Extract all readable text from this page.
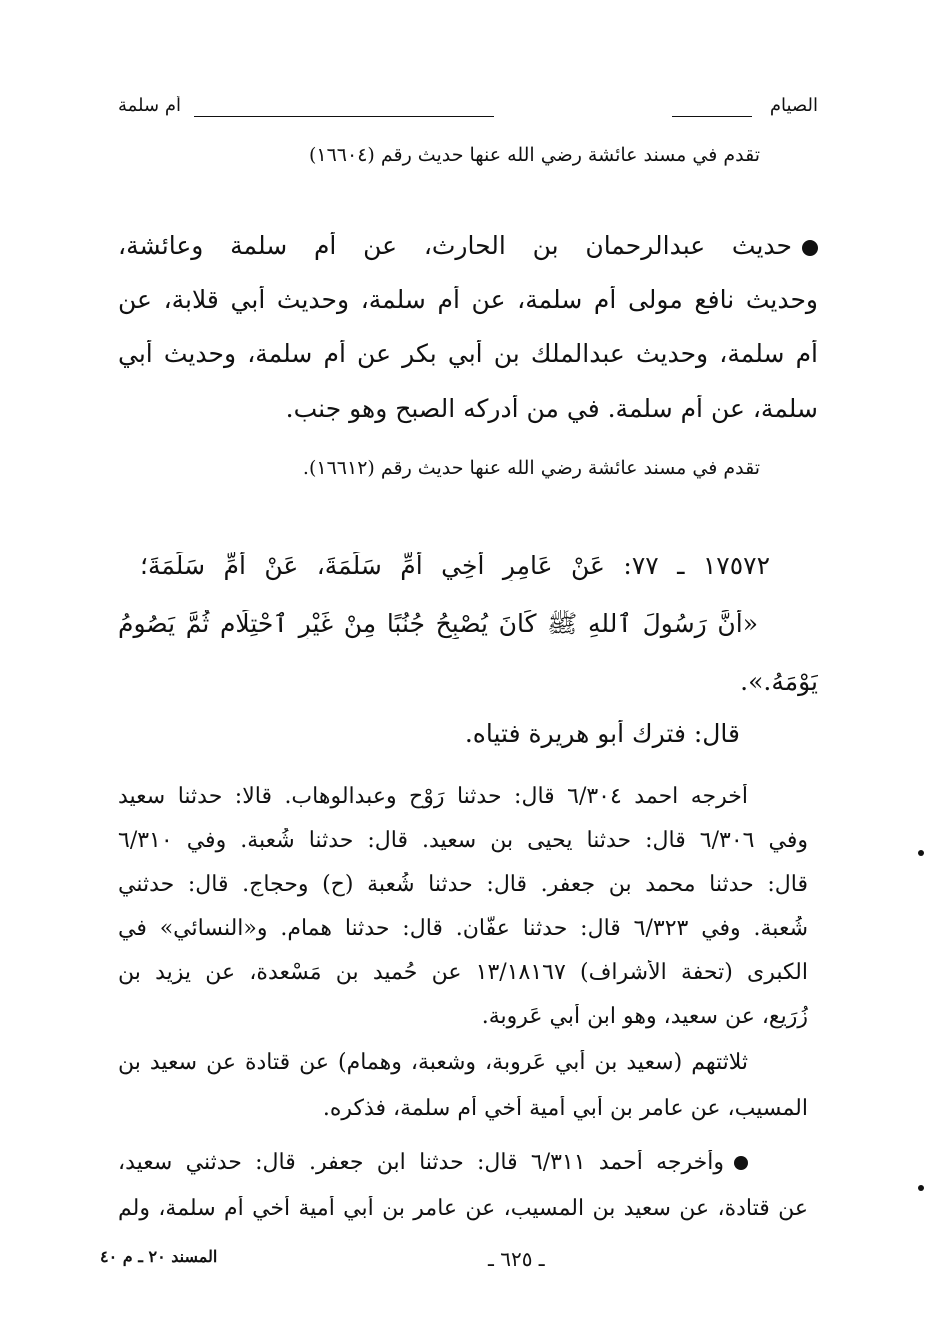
الصيام
أم سلمة
تقدم في مسند عائشة رضي الله عنها حديث رقم (١٦٦٠٤)
حديث عبدالرحمان بن الحارث، عن أم سلمة وعائشة،
وحديث نافع مولى أم سلمة، عن أم سلمة، وحديث أبي قلابة، عن
أم سلمة، وحديث عبدالملك بن أبي بكر عن أم سلمة، وحديث أبي
سلمة، عن أم سلمة. في من أدركه الصبح وهو جنب.
تقدم في مسند عائشة رضي الله عنها حديث رقم (١٦٦١٢).
١٧٥٧٢ ـ ٧٧: عَنْ عَامِرٍ أَخِي أُمِّ سَلَمَةَ، عَنْ أُمِّ سَلَمَةَ؛
«أَنَّ رَسُولَ ٱللهِ ﷺ كَانَ يُصْبِحُ جُنُبًا مِنْ غَيْرِ ٱحْتِلَامٍ ثُمَّ يَصُومُ
يَوْمَهُ.».
قال: فترك أبو هريرة فتياه.
أخرجه احمد ٦/٣٠٤ قال: حدثنا رَوْح وعبدالوهاب. قالا: حدثنا سعيد
وفي ٦/٣٠٦ قال: حدثنا يحيى بن سعيد. قال: حدثنا شُعبة. وفي ٦/٣١٠
قال: حدثنا محمد بن جعفر. قال: حدثنا شُعبة (ح) وحجاج. قال: حدثني
شُعبة. وفي ٦/٣٢٣ قال: حدثنا عفّان. قال: حدثنا همام. و«النسائي» في
الكبرى (تحفة الأشراف) ١٣/١٨١٦٧ عن حُميد بن مَسْعدة، عن يزيد بن
زُرَيع، عن سعيد، وهو ابن أبي عَروبة.
ثلاثتهم (سعيد بن أبي عَروبة، وشعبة، وهمام) عن قتادة عن سعيد بن
المسيب، عن عامر بن أبي أمية أخي أم سلمة، فذكره.
وأخرجه أحمد ٦/٣١١ قال: حدثنا ابن جعفر. قال: حدثني سعيد،
عن قتادة، عن سعيد بن المسيب، عن عامر بن أبي أمية أخي أم سلمة، ولم
المسند ٢٠ ـ م ٤٠	ـ ٦٢٥ ـ
